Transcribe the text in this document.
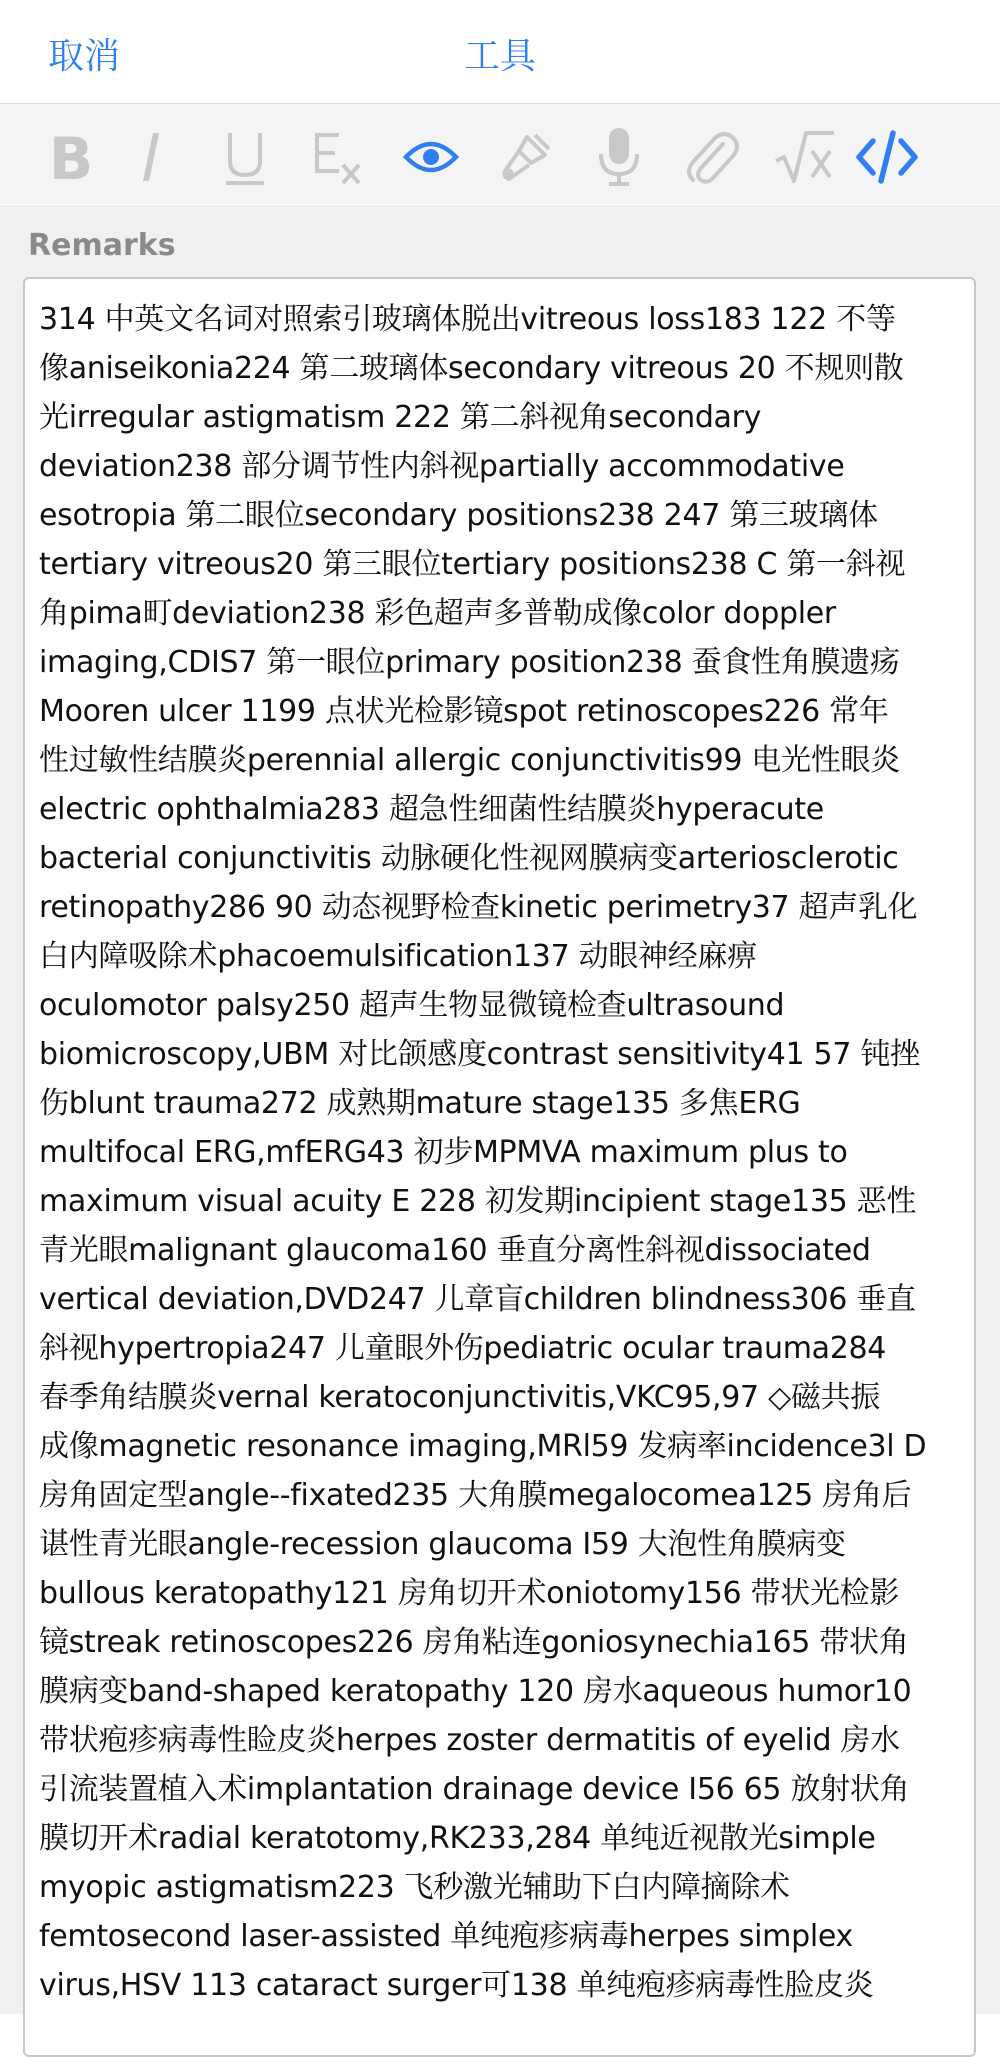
取消	工具
B
Remarks
314 中英文名词对照索引玻璃体脱出vitreous loss183 122 不等
像aniseikonia224 第二玻璃体secondary vitreous 20 不规则散
光irregular astigmatism 222 第二斜视角secondary
deviation238 部分调节性内斜视partially accommodative
esotropia 第二眼位secondary positions238 247 第三玻璃体
tertiary vitreous20 第三眼位tertiary positions238 C 第一斜视
角pima町deviation238 彩色超声多普勒成像color doppler
imaging,CDIS7 第一眼位primary position238 蚕食性角膜遗疡
Mooren ulcer 1199 点状光检影镜spot retinoscopes226 常年
性过敏性结膜炎perennial allergic conjunctivitis99 电光性眼炎
electric ophthalmia283 超急性细菌性结膜炎hyperacute
bacterial conjunctivitis 动脉硬化性视网膜病变arteriosclerotic
retinopathy286 90 动态视野检查kinetic perimetry37 超声乳化
白内障吸除术phacoemulsification137 动眼神经麻痹
oculomotor palsy250 超声生物显微镜检查ultrasound
biomicroscopy,UBM 对比颌感度contrast sensitivity41 57 钝挫
伤blunt trauma272 成熟期mature stage135 多焦ERG
multifocal ERG,mfERG43 初步MPMVA maximum plus to
maximum visual acuity E 228 初发期incipient stage135 恶性
青光眼malignant glaucoma160 垂直分离性斜视dissociated
vertical deviation,DVD247 儿章盲children blindness306 垂直
斜视hypertropia247 儿童眼外伤pediatric ocular trauma284
春季角结膜炎vernal keratoconjunctivitis,VKC95,97 ◇磁共振
成像magnetic resonance imaging,MRl59 发病率incidence3l D
房角固定型angle--fixated235 大角膜megalocomea125 房角后
谌性青光眼angle-recession glaucoma I59 大泡性角膜病变
bullous keratopathy121 房角切开术oniotomy156 带状光检影
镜streak retinoscopes226 房角粘连goniosynechia165 带状角
膜病变band-shaped keratopathy 120 房水aqueous humor10
带状疱疹病毒性睑皮炎herpes zoster dermatitis of eyelid 房水
引流装置植入术implantation drainage device I56 65 放射状角
膜切开术radial keratotomy,RK233,284 单纯近视散光simple
myopic astigmatism223 飞秒激光辅助下白内障摘除术
femtosecond laser-assisted 单纯疱疹病毒herpes simplex
virus,HSV 113 cataract surger可138 单纯疱疹病毒性脸皮炎
